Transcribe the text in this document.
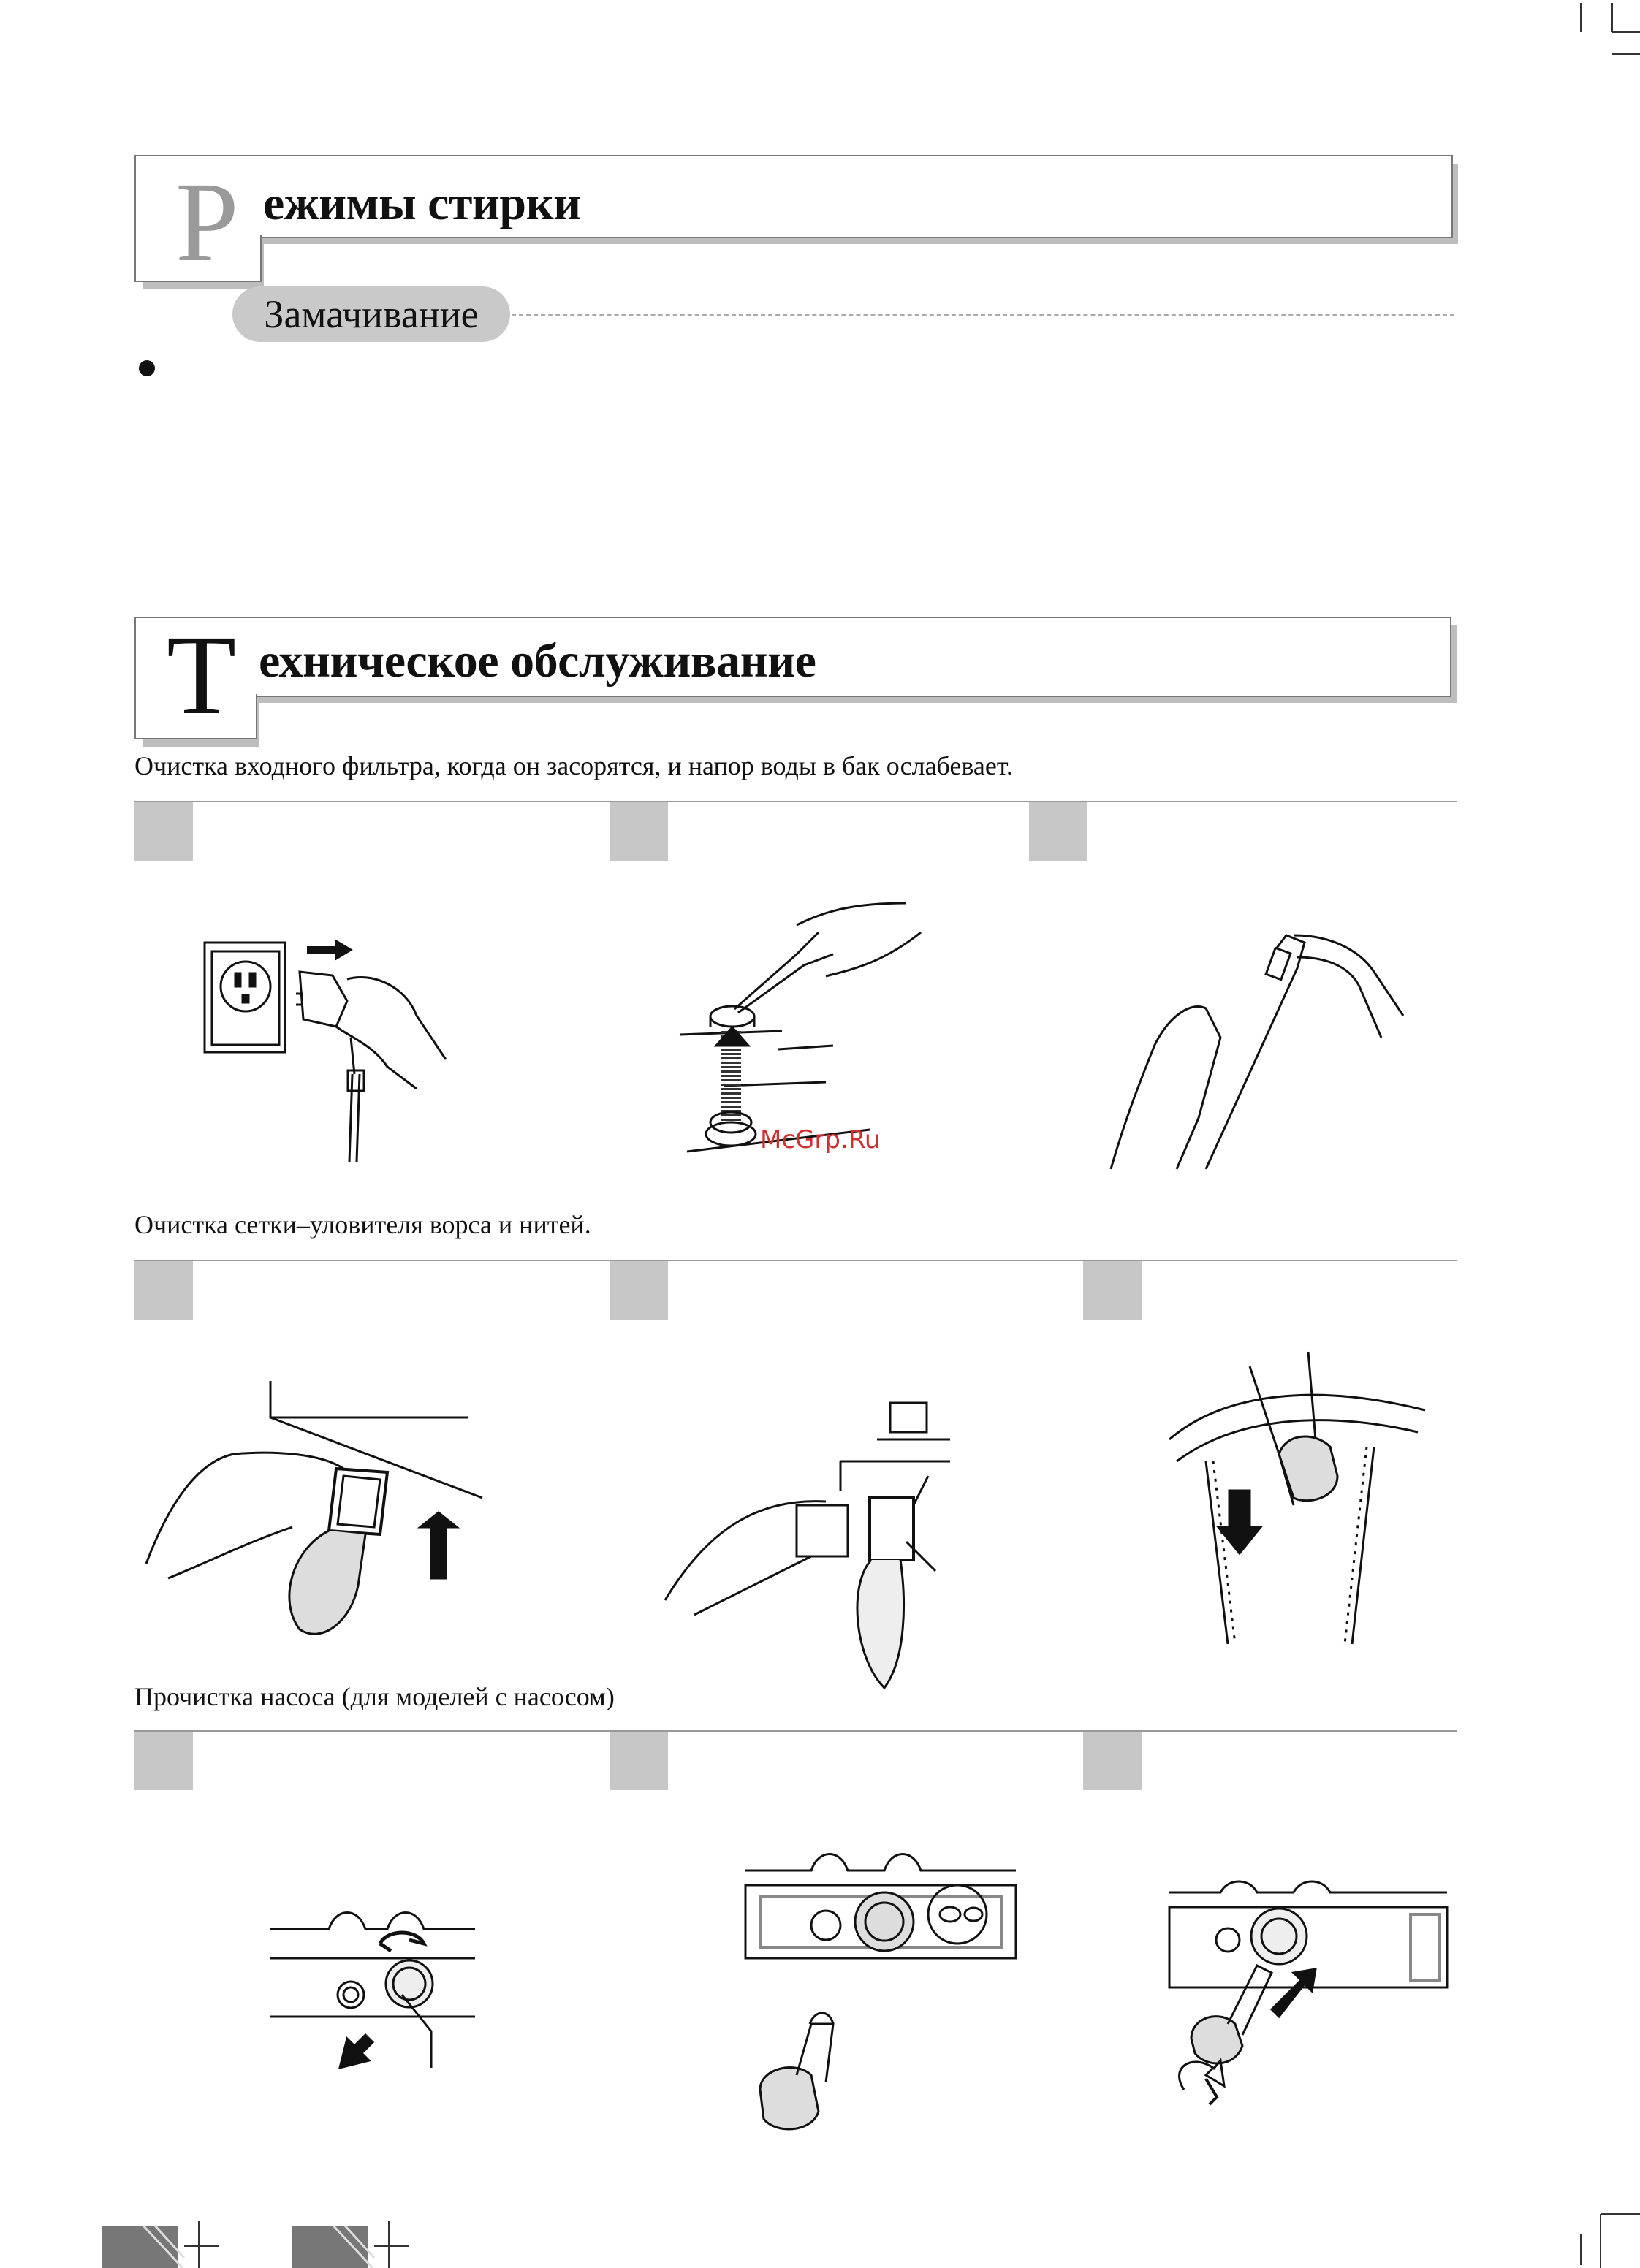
Р ежимы стирки
Замачивание
Т ехническое обслуживание
Очистка входного фильтра, когда он засорятся, и напор воды в бак ослабевает.
McGrp.Ru
Очистка сетки–уловителя ворса и нитей.
Прочистка насоса (для моделей с насосом)
